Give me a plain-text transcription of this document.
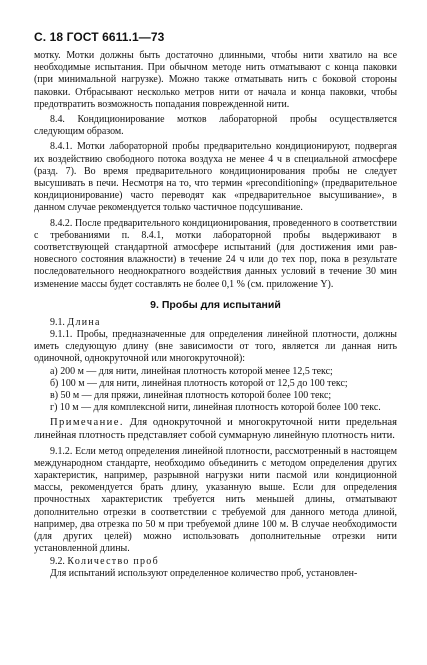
С. 18 ГОСТ 6611.1—73

мотку. Мотки должны быть достаточно длинными, чтобы нити хватило на все необходимые испытания. При обычном методе нить отматывают с конца паковки (при минимальной нагрузке). Можно также отматывать нить с боковой стороны паковки. Отбрасывают несколько метров нити от начала и конца паковки, чтобы предотвратить возможность попадания поврежденной нити.

8.4. Кондиционирование мотков лабораторной пробы осуществляется следующим образом.

8.4.1. Мотки лабораторной пробы предварительно кондиционируют, подвергая их воздействию свободного потока воздуха не менее 4 ч в специальной атмосфере (разд. 7). Во время предварительного кондиционирования пробы не следует высушивать в печи. Несмотря на то, что термин «preconditioning» (предварительное кондиционирование) часто переводят как «предварительное высушивание», в данном случае рекомендуется только частичное подсушивание.

8.4.2. После предварительного кондиционирования, проведенного в соответствии с требованиями п. 8.4.1, мотки лабораторной пробы выдерживают в соответствующей стандартной атмосфере испытаний (для достижения ими равновесного состояния влажности) в течение 24 ч или до тех пор, пока в результате последовательного неоднократного воздействия данных условий в течение 30 мин изменение массы будет составлять не более 0,1 % (см. приложение Y).

9. Пробы для испытаний

9.1. Длина

9.1.1. Пробы, предназначенные для определения линейной плотности, должны иметь следующую длину (вне зависимости от того, является ли данная нить одиночной, однокруточной или многокруточной):

а) 200 м — для нити, линейная плотность которой менее 12,5 текс;

б) 100 м — для нити, линейная плотность которой от 12,5 до 100 текс;

в) 50 м — для пряжи, линейная плотность которой более 100 текс;

г) 10 м — для комплексной нити, линейная плотность которой более 100 текс.

Примечание. Для однокруточной и многокруточной нити предельная линейная плотность представляет собой суммарную линейную плотность нити.

9.1.2. Если метод определения линейной плотности, рассмотренный в настоящем международном стандарте, необходимо объединить с методом определения других характеристик, например, разрывной нагрузки нити пасмой или кондиционной массы, рекомендуется брать длину, указанную выше. Если для определения прочностных характеристик требуется нить меньшей длины, отматывают дополнительно отрезки в соответствии с требуемой для данного метода длиной, например, два отрезка по 50 м при требуемой длине 100 м. В случае необходимости (для других целей) можно использовать дополнительные отрезки нити установленной длины.

9.2. Количество проб

Для испытаний используют определенное количество проб, установлен-
